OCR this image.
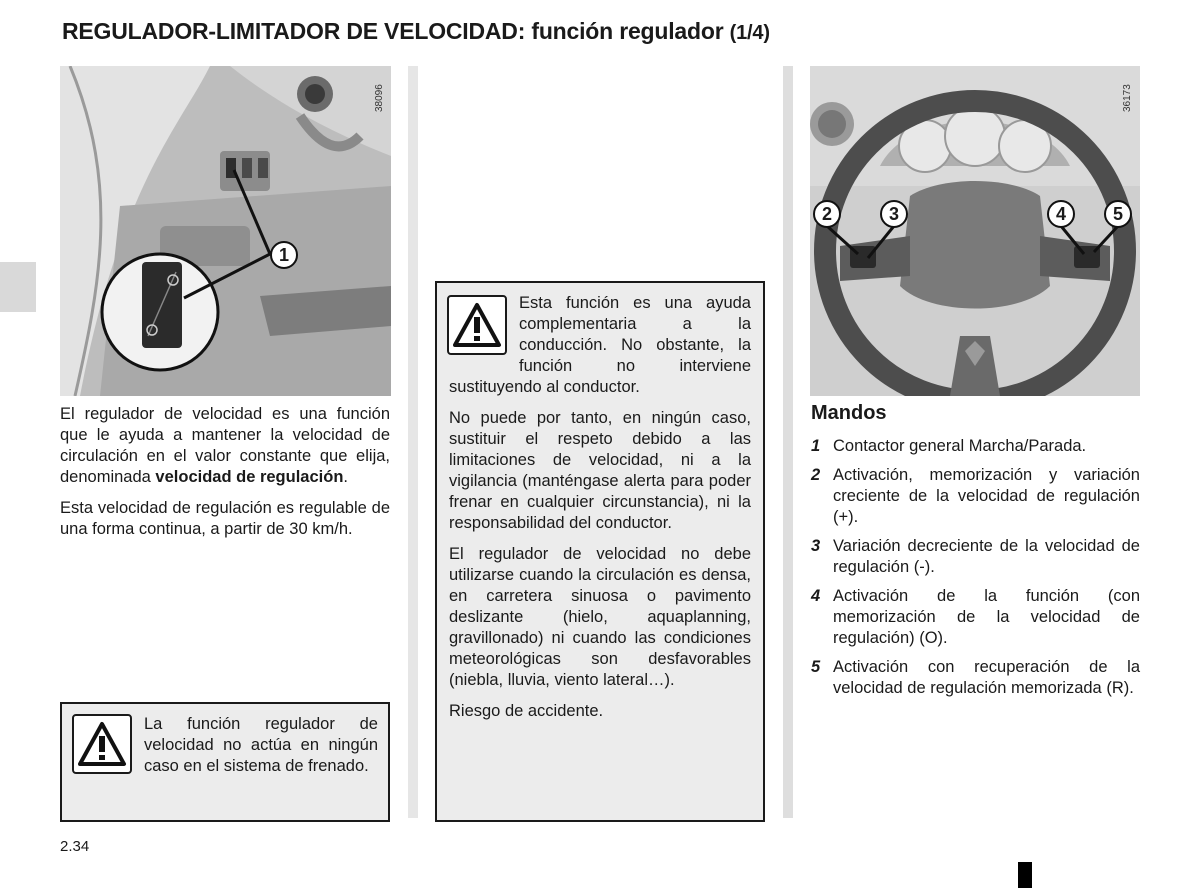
REGULADOR-LIMITADOR DE VELOCIDAD: función regulador (1/4)
1
38096

El regulador de velocidad es una función que le ayuda a mantener la velocidad de circulación en el valor constante que elija, denominada velocidad de regulación.

Esta velocidad de regulación es regulable de una forma continua, a partir de 30 km/h.

La función regulador de velocidad no actúa en ningún caso en el sistema de frenado.

Esta función es una ayuda complementaria a la conducción. No obstante, la función no interviene sustituyendo al conductor.

No puede por tanto, en ningún caso, sustituir el respeto debido a las limitaciones de velocidad, ni a la vigilancia (manténgase alerta para poder frenar en cualquier circunstancia), ni la responsabilidad del conductor.

El regulador de velocidad no debe utilizarse cuando la circulación es densa, en carretera sinuosa o pavimento deslizante (hielo, aquaplanning, gravillonado) ni cuando las condiciones meteorológicas son desfavorables (niebla, lluvia, viento lateral…).

Riesgo de accidente.

2	3	4	5
36173
Mandos
1 Contactor general Marcha/Parada.
2 Activación, memorización y variación creciente de la velocidad de regulación (+).
3 Variación decreciente de la velocidad de regulación (-).
4 Activación de la función (con memorización de la velocidad de regulación) (O).
5 Activación con recuperación de la velocidad de regulación memorizada (R).
2.34
